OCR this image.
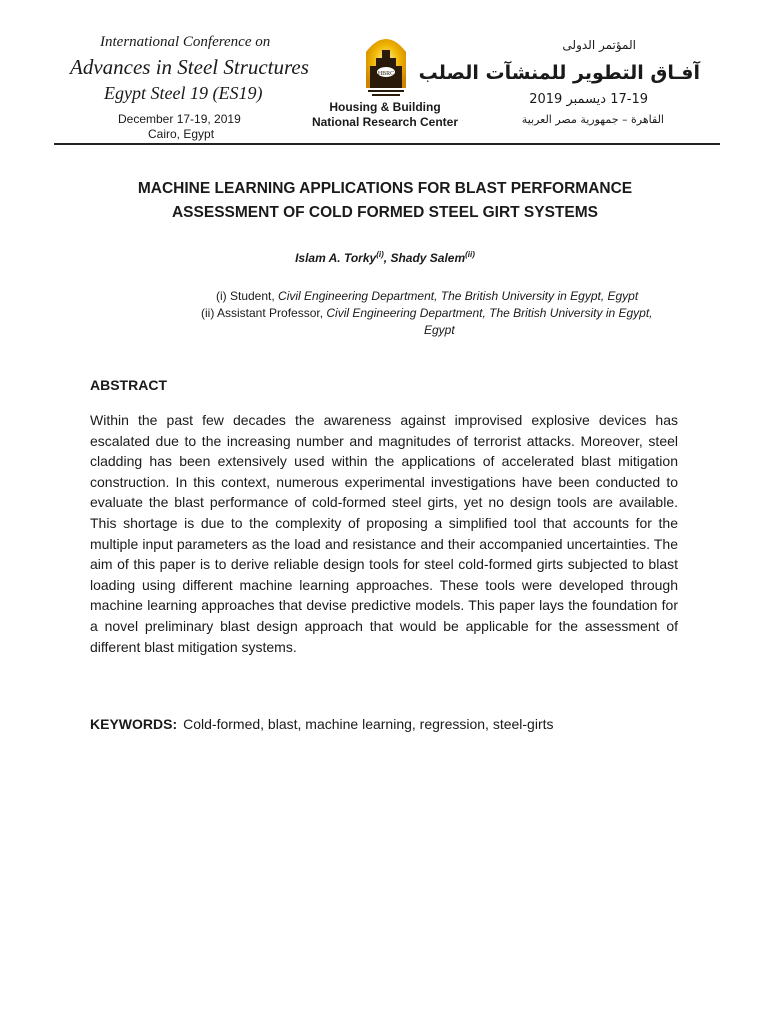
International Conference on
Advances in Steel Structures
Egypt Steel 19 (ES19)
December 17-19, 2019
Cairo, Egypt
HBRC
Housing & Building
National Research Center
المؤتمر الدولى
آفـاق التطوير للمنشآت الصلب
17-19 ديسمبر 2019
القاهرة – جمهورية مصر العربية
MACHINE LEARNING APPLICATIONS FOR BLAST PERFORMANCE
ASSESSMENT OF COLD FORMED STEEL GIRT SYSTEMS
Islam A. Torky$^{(i)}$, Shady Salem$^{(ii)}$
(i) Student, Civil Engineering Department, The British University in Egypt, Egypt
(ii) Assistant Professor, Civil Engineering Department, The British University in Egypt,
Egypt
ABSTRACT
Within the past few decades the awareness against improvised explosive devices has escalated due to the increasing number and magnitudes of terrorist attacks. Moreover, steel cladding has been extensively used within the applications of accelerated blast mitigation construction. In this context, numerous experimental investigations have been conducted to evaluate the blast performance of cold-formed steel girts, yet no design tools are available. This shortage is due to the complexity of proposing a simplified tool that accounts for the multiple input parameters as the load and resistance and their accompanied uncertainties. The aim of this paper is to derive reliable design tools for steel cold-formed girts subjected to blast loading using different machine learning approaches. These tools were developed through machine learning approaches that devise predictive models. This paper lays the foundation for a novel preliminary blast design approach that would be applicable for the assessment of different blast mitigation systems.
KEYWORDS: Cold-formed, blast, machine learning, regression, steel-girts
